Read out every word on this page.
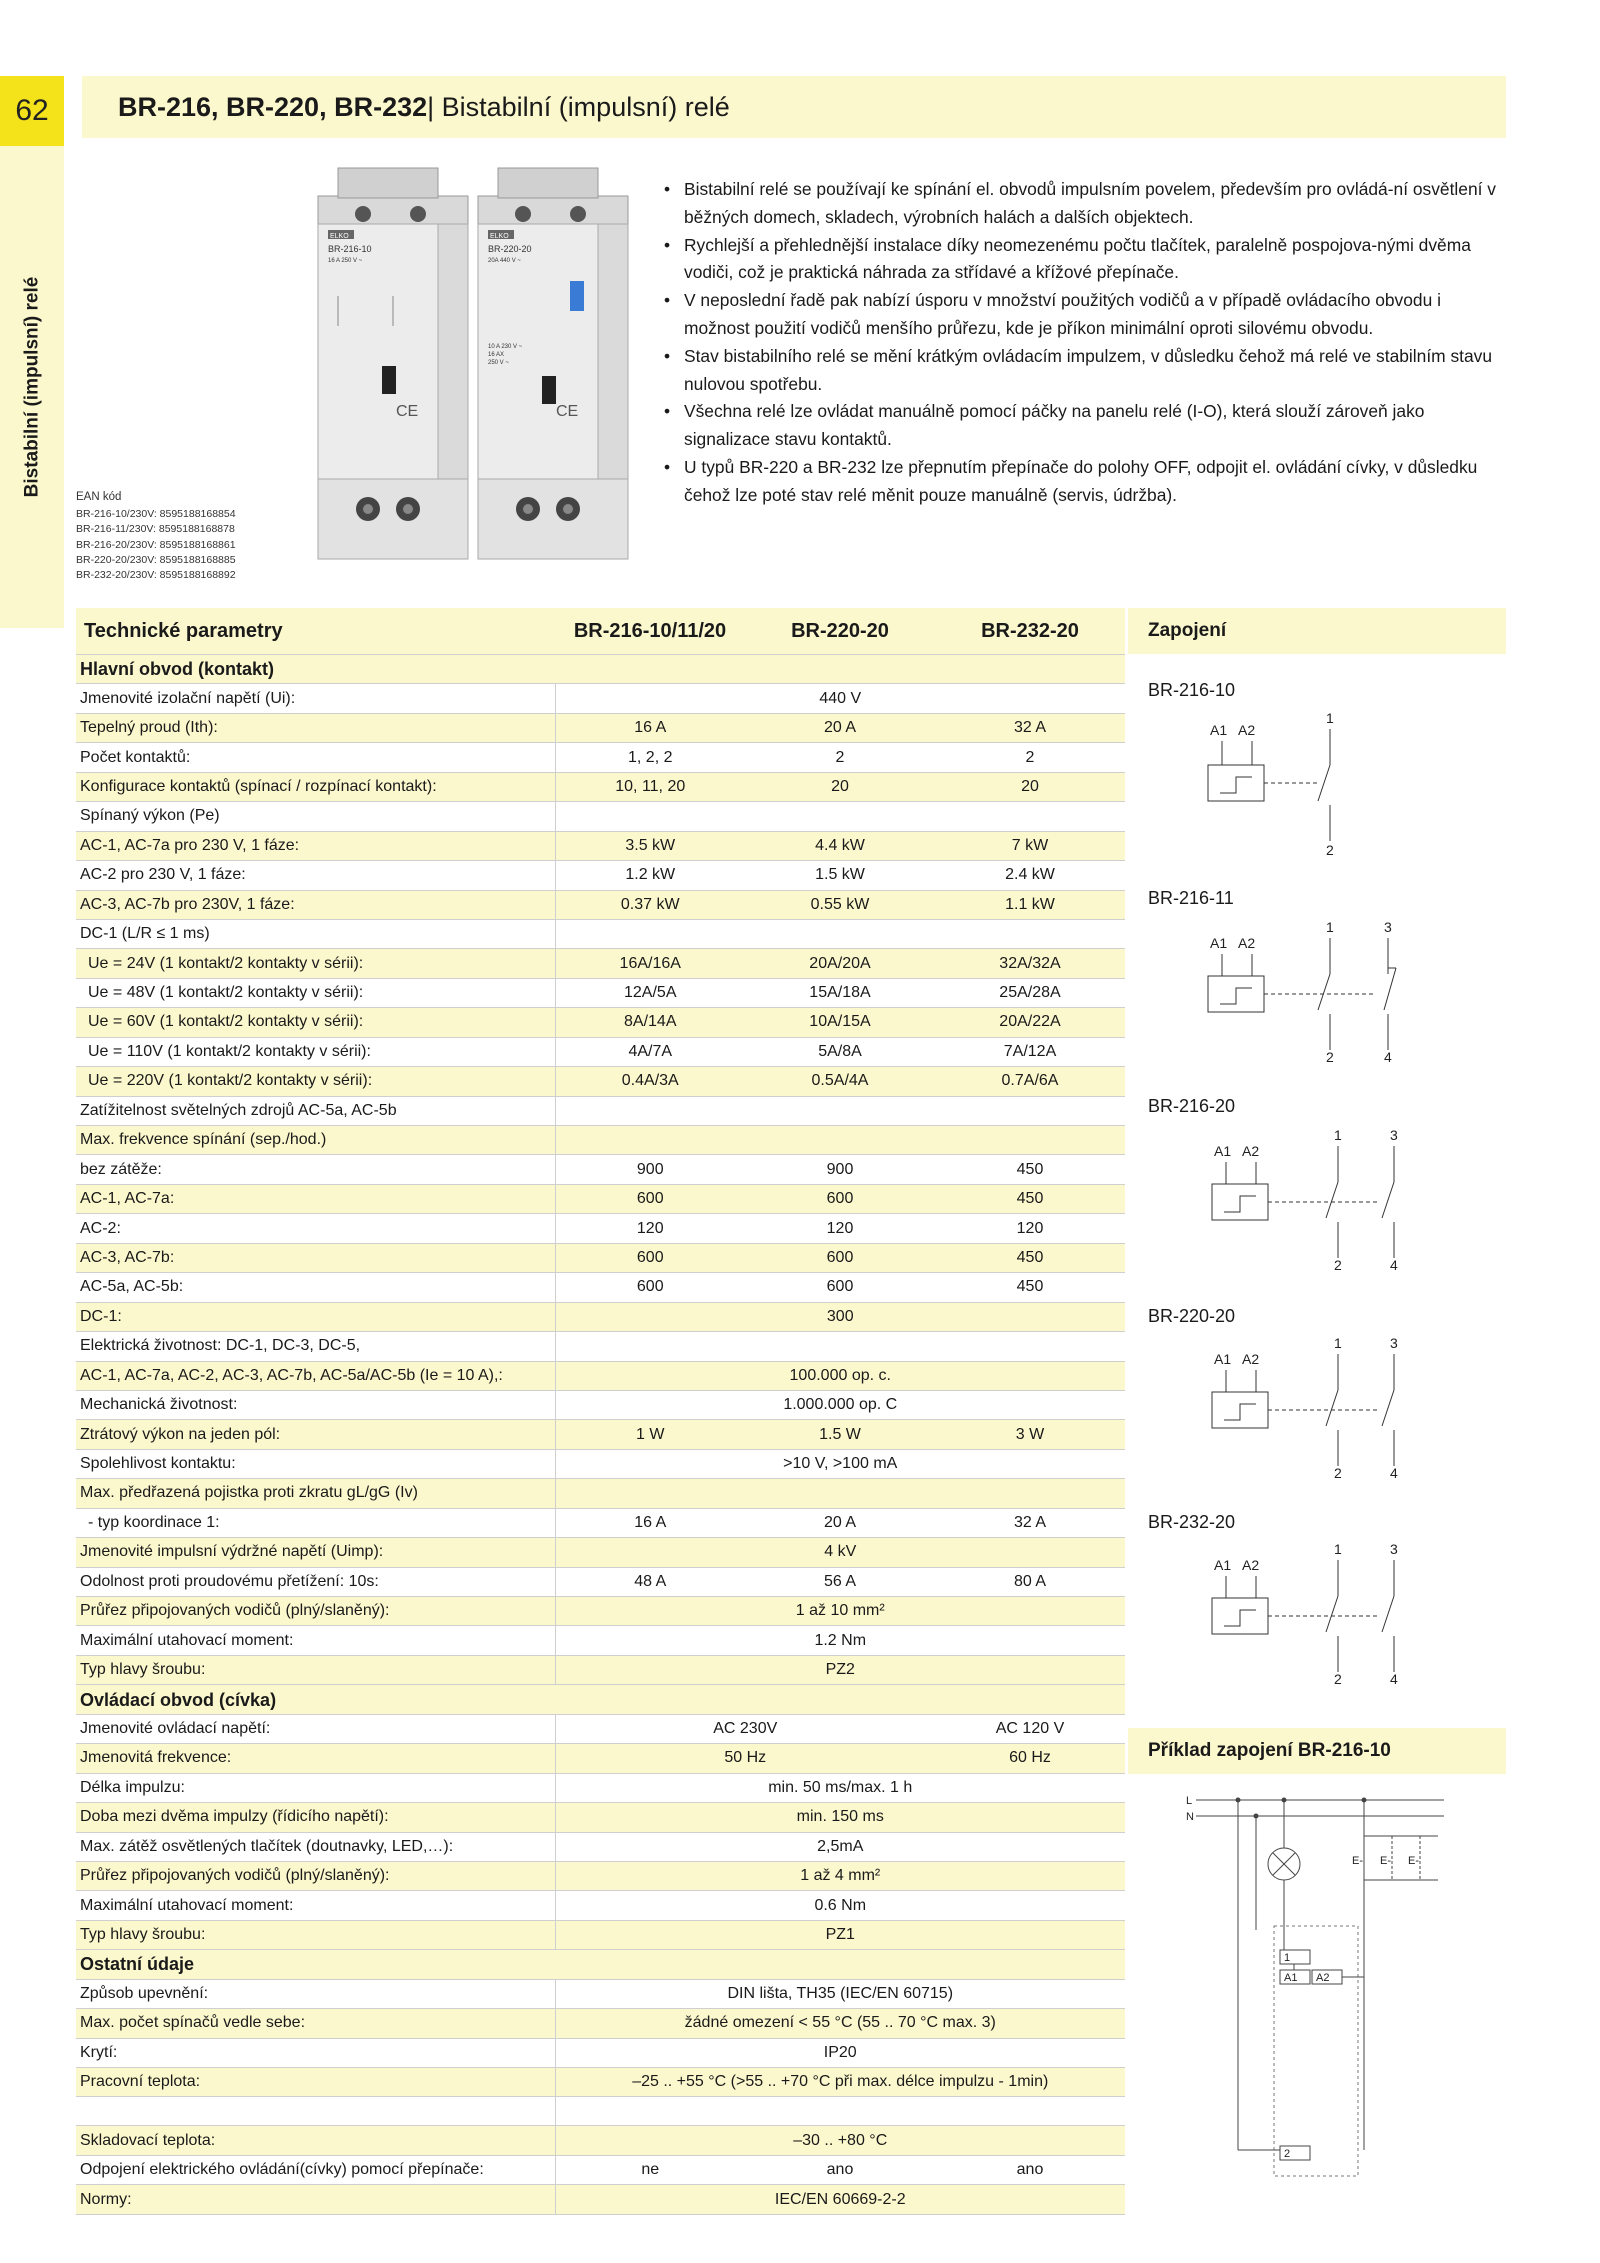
62	BR-216, BR-220, BR-232 | Bistabilní (impulsní) relé
Bistabilní (impulsní) relé	EAN kód
BR-216-10/230V: 8595188168854
BR-216-11/230V: 8595188168878
BR-216-20/230V: 8595188168861
BR-220-20/230V: 8595188168885
BR-232-20/230V: 8595188168892
ELKO
BR-216-10
16 A 250 V ~
CE
ELKO
BR-220-20
20A 440 V ~
10 A 230 V ~
16 AX
250 V ~
CE
• Bistabilní relé se používají ke spínání el. obvodů impulsním povelem, především pro ovládá-ní osvětlení v běžných domech, skladech, výrobních halách a dalších objektech.
• Rychlejší a přehlednější instalace díky neomezenému počtu tlačítek, paralelně pospojova-nými dvěma vodiči, což je praktická náhrada za střídavé a křížové přepínače.
• V neposlední řadě pak nabízí úsporu v množství použitých vodičů a v případě ovládacího obvodu i možnost použití vodičů menšího průřezu, kde je příkon minimální oproti silovému obvodu.
• Stav bistabilního relé se mění krátkým ovládacím impulzem, v důsledku čehož má relé ve stabilním stavu nulovou spotřebu.
• Všechna relé lze ovládat manuálně pomocí páčky na panelu relé (I-O), která slouží zároveň jako signalizace stavu kontaktů.
• U typů BR-220 a BR-232 lze přepnutím přepínače do polohy OFF, odpojit el. ovládání cívky, v důsledku čehož lze poté stav relé měnit pouze manuálně (servis, údržba).
Technické parametry	BR-216-10/11/20	BR-220-20	BR-232-20
Hlavní obvod (kontakt)			
Jmenovité izolační napětí (Ui):	440 V		
Tepelný proud (Ith):	16 A	20 A	32 A
Počet kontaktů:	1, 2, 2	2	2
Konfigurace kontaktů (spínací / rozpínací kontakt):	10, 11, 20	20	20
Spínaný výkon (Pe)			
AC-1, AC-7a pro 230 V, 1 fáze:	3.5 kW	4.4 kW	7 kW
AC-2 pro 230 V, 1 fáze:	1.2 kW	1.5 kW	2.4 kW
AC-3, AC-7b pro 230V, 1 fáze:	0.37 kW	0.55 kW	1.1 kW
DC-1 (L/R ≤ 1 ms)			
Ue = 24V (1 kontakt/2 kontakty v sérii):	16A/16A	20A/20A	32A/32A
Ue = 48V (1 kontakt/2 kontakty v sérii):	12A/5A	15A/18A	25A/28A
Ue = 60V (1 kontakt/2 kontakty v sérii):	8A/14A	10A/15A	20A/22A
Ue = 110V (1 kontakt/2 kontakty v sérii):	4A/7A	5A/8A	7A/12A
Ue = 220V (1 kontakt/2 kontakty v sérii):	0.4A/3A	0.5A/4A	0.7A/6A
Zatížitelnost světelných zdrojů AC-5a, AC-5b			
Max. frekvence spínání (sep./hod.)			
bez zátěže:	900	900	450
AC-1, AC-7a:	600	600	450
AC-2:	120	120	120
AC-3, AC-7b:	600	600	450
AC-5a, AC-5b:	600	600	450
DC-1:	300		
Elektrická životnost: DC-1, DC-3, DC-5,			
AC-1, AC-7a, AC-2, AC-3, AC-7b, AC-5a/AC-5b (Ie = 10 A),:	100.000 op. c.		
Mechanická životnost:	1.000.000 op. C		
Ztrátový výkon na jeden pól:	1 W	1.5 W	3 W
Spolehlivost kontaktu:	>10 V, >100 mA		
Max. předřazená pojistka proti zkratu gL/gG (Iv)			
- typ koordinace 1:	16 A	20 A	32 A
Jmenovité impulsní výdržné napětí (Uimp):	4 kV		
Odolnost proti proudovému přetížení: 10s:	48 A	56 A	80 A
Průřez připojovaných vodičů (plný/slaněný):	1 až 10 mm²		
Maximální utahovací moment:	1.2 Nm		
Typ hlavy šroubu:	PZ2		
Ovládací obvod (cívka)			
Jmenovité ovládací napětí:	AC 230V		AC 120 V
Jmenovitá frekvence:	50 Hz		60 Hz
Délka impulzu:	min. 50 ms/max. 1 h		
Doba mezi dvěma impulzy (řídicího napětí):	min. 150 ms		
Max. zátěž osvětlených tlačítek (doutnavky, LED,…):	2,5mA		
Průřez připojovaných vodičů (plný/slaněný):	1 až 4 mm²		
Maximální utahovací moment:	0.6 Nm		
Typ hlavy šroubu:	PZ1		
Ostatní údaje			
Způsob upevnění:	DIN lišta, TH35 (IEC/EN 60715)		
Max. počet spínačů vedle sebe:	žádné omezení < 55 °C (55 .. 70 °C max. 3)		
Krytí:	IP20		
Pracovní teplota:	–25 .. +55 °C (>55 .. +70 °C při max. délce impulzu - 1min)		

Skladovací teplota:	–30 .. +80 °C		
Odpojení elektrického ovládání(cívky) pomocí přepínače:	ne	ano	ano
Normy:	IEC/EN 60669-2-2		
Zapojení
BR-216-10
A1 A2
1
2
BR-216-11
A1 A2
1	3
2	4
BR-216-20
A1 A2
1	3
2	4
BR-220-20
A1 A2
1	3
2	4
BR-232-20
A1 A2
1	3
2	4
Příklad zapojení BR-216-10
L
N
E- E- E-
1
A1 A2
2
